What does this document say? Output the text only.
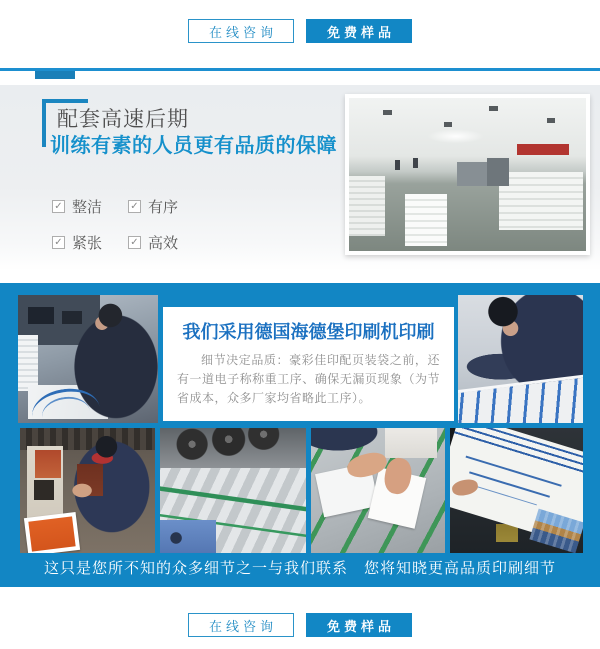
在线咨询	免费样品
配套高速后期
训练有素的人员更有品质的保障
✓ 整洁	✓ 有序
✓ 紧张	✓ 高效
我们采用德国海德堡印刷机印刷

细节决定品质：豪彩佳印配页装袋之前，还有一道电子称称重工序、确保无漏页现象（为节省成本，众多厂家均省略此工序）。

这只是您所不知的众多细节之一与我们联系　您将知晓更高品质印刷细节
在线咨询	免费样品
